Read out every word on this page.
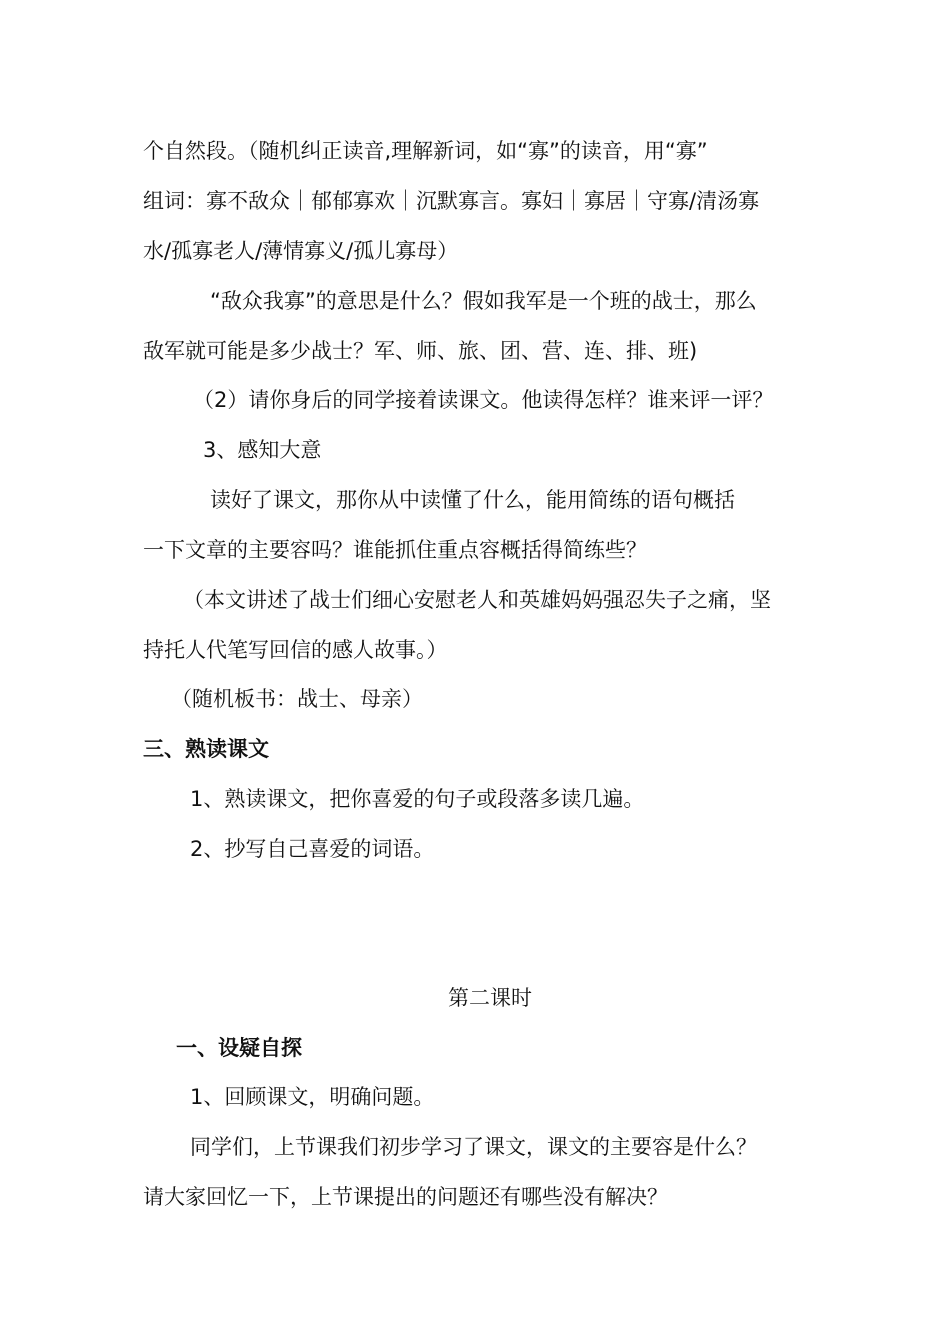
个自然段。（随机纠正读音,理解新词，如“寡”的读音，用“寡”
组词：寡不敌众｜郁郁寡欢｜沉默寡言。寡妇｜寡居｜守寡/清汤寡
水/孤寡老人/薄情寡义/孤儿寡母）
“敌众我寡”的意思是什么？假如我军是一个班的战士，那么
敌军就可能是多少战士？军、师、旅、团、营、连、排、班)
（2）请你身后的同学接着读课文。他读得怎样？谁来评一评？
3、感知大意
读好了课文，那你从中读懂了什么，能用简练的语句概括
一下文章的主要容吗？谁能抓住重点容概括得简练些？
（本文讲述了战士们细心安慰老人和英雄妈妈强忍失子之痛，坚
持托人代笔写回信的感人故事。）
（随机板书：战士、母亲）
三、熟读课文
1、熟读课文，把你喜爱的句子或段落多读几遍。
2、抄写自己喜爱的词语。
第二课时
一、设疑自探
1、回顾课文，明确问题。
同学们，上节课我们初步学习了课文，课文的主要容是什么？
请大家回忆一下，上节课提出的问题还有哪些没有解决？
